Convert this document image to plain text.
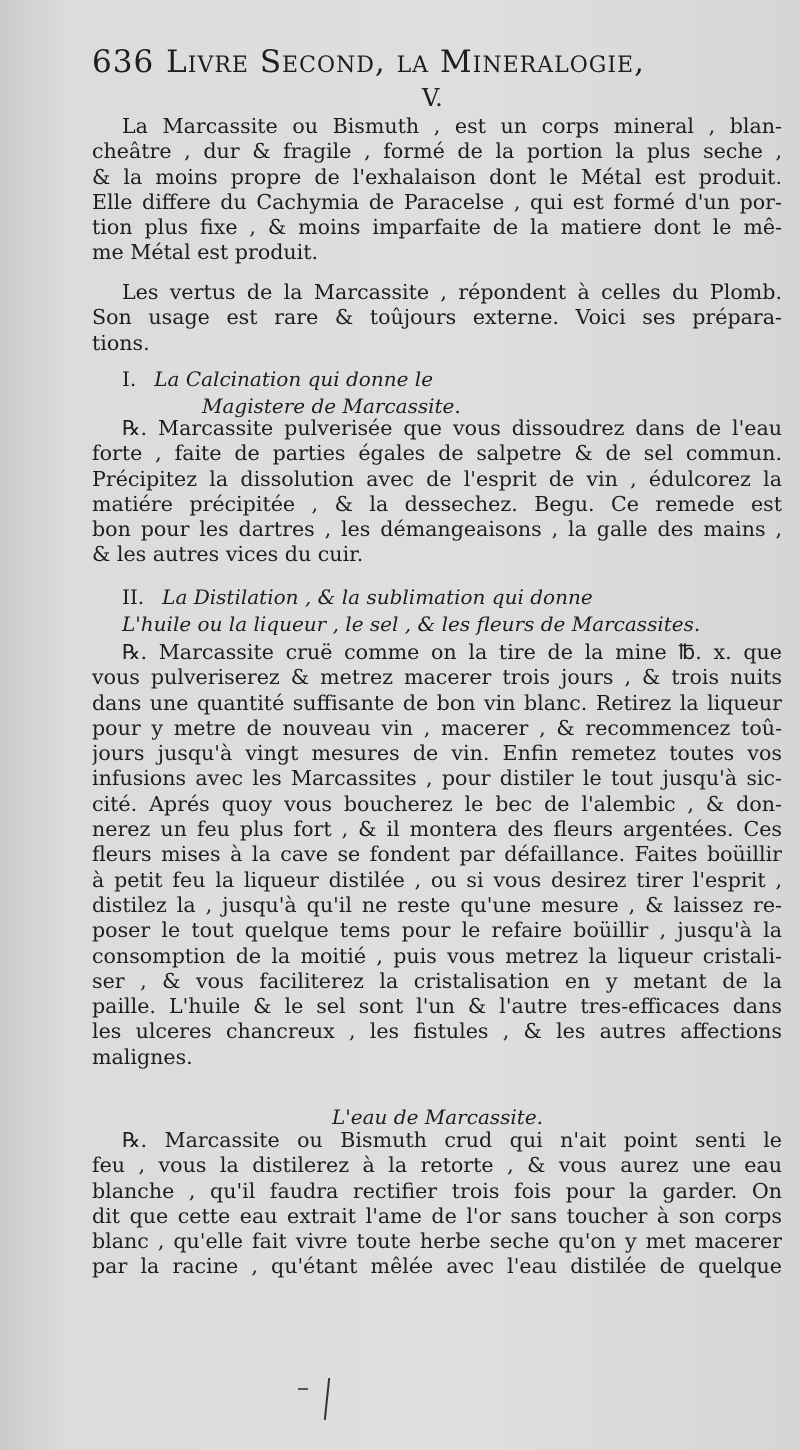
636 Livre Second, la Mineralogie,
V.
La Marcassite ou Bismuth , est un corps mineral , blan-
cheâtre , dur & fragile , formé de la portion la plus seche ,
& la moins propre de l'exhalaison dont le Métal est produit.
Elle differe du Cachymia de Paracelse , qui est formé d'un por-
tion plus fixe , & moins imparfaite de la matiere dont le mê-
me Métal est produit.
Les vertus de la Marcassite , répondent à celles du Plomb.
Son usage est rare & toûjours externe. Voici ses prépara-
tions.
I. La Calcination qui donne le
Magistere de Marcassite.
℞. Marcassite pulverisée que vous dissoudrez dans de l'eau
forte , faite de parties égales de salpetre & de sel commun.
Précipitez la dissolution avec de l'esprit de vin , édulcorez la
matiére précipitée , & la dessechez. Begu. Ce remede est
bon pour les dartres , les démangeaisons , la galle des mains ,
& les autres vices du cuir.
II. La Distilation , & la sublimation qui donne
L'huile ou la liqueur , le sel , & les fleurs de Marcassites.
℞. Marcassite cruë comme on la tire de la mine ℔. x. que
vous pulveriserez & metrez macerer trois jours , & trois nuits
dans une quantité suffisante de bon vin blanc. Retirez la liqueur
pour y metre de nouveau vin , macerer , & recommencez toû-
jours jusqu'à vingt mesures de vin. Enfin remetez toutes vos
infusions avec les Marcassites , pour distiler le tout jusqu'à sic-
cité. Aprés quoy vous boucherez le bec de l'alembic , & don-
nerez un feu plus fort , & il montera des fleurs argentées. Ces
fleurs mises à la cave se fondent par défaillance. Faites boüillir
à petit feu la liqueur distilée , ou si vous desirez tirer l'esprit ,
distilez la , jusqu'à qu'il ne reste qu'une mesure , & laissez re-
poser le tout quelque tems pour le refaire boüillir , jusqu'à la
consomption de la moitié , puis vous metrez la liqueur cristali-
ser , & vous faciliterez la cristalisation en y metant de la
paille. L'huile & le sel sont l'un & l'autre tres-efficaces dans
les ulceres chancreux , les fistules , & les autres affections
malignes.
L'eau de Marcassite.
℞. Marcassite ou Bismuth crud qui n'ait point senti le
feu , vous la distilerez à la retorte , & vous aurez une eau
blanche , qu'il faudra rectifier trois fois pour la garder. On
dit que cette eau extrait l'ame de l'or sans toucher à son corps
blanc , qu'elle fait vivre toute herbe seche qu'on y met macerer
par la racine , qu'étant mêlée avec l'eau distilée de quelque
